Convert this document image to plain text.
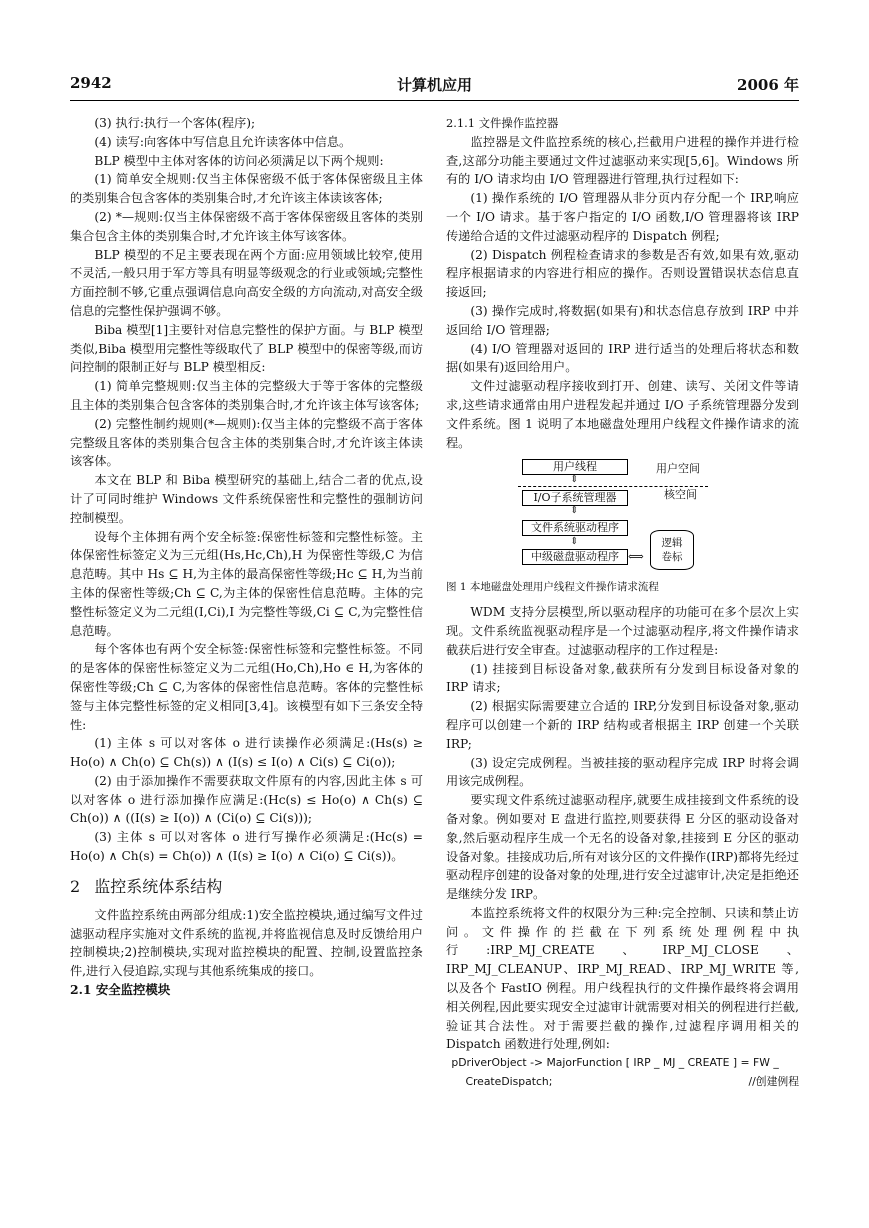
2942	计算机应用	2006 年

(3) 执行:执行一个客体(程序);

(4) 读写:向客体中写信息且允许读客体中信息。

BLP 模型中主体对客体的访问必须满足以下两个规则:

(1) 简单安全规则:仅当主体保密级不低于客体保密级且主体的类别集合包含客体的类别集合时,才允许该主体读该客体;

(2) *—规则:仅当主体保密级不高于客体保密级且客体的类别集合包含主体的类别集合时,才允许该主体写该客体。

BLP 模型的不足主要表现在两个方面:应用领域比较窄,使用不灵活,一般只用于军方等具有明显等级观念的行业或领域;完整性方面控制不够,它重点强调信息向高安全级的方向流动,对高安全级信息的完整性保护强调不够。

Biba 模型[1]主要针对信息完整性的保护方面。与 BLP 模型类似,Biba 模型用完整性等级取代了 BLP 模型中的保密等级,而访问控制的限制正好与 BLP 模型相反:

(1) 简单完整规则:仅当主体的完整级大于等于客体的完整级且主体的类别集合包含客体的类别集合时,才允许该主体写该客体;

(2) 完整性制约规则(*—规则):仅当主体的完整级不高于客体完整级且客体的类别集合包含主体的类别集合时,才允许该主体读该客体。

本文在 BLP 和 Biba 模型研究的基础上,结合二者的优点,设计了可同时维护 Windows 文件系统保密性和完整性的强制访问控制模型。

设每个主体拥有两个安全标签:保密性标签和完整性标签。主体保密性标签定义为三元组(Hs,Hc,Ch),H 为保密性等级,C 为信息范畴。其中 Hs ⊆ H,为主体的最高保密性等级;Hc ⊆ H,为当前主体的保密性等级;Ch ⊆ C,为主体的保密性信息范畴。主体的完整性标签定义为二元组(I,Ci),I 为完整性等级,Ci ⊆ C,为完整性信息范畴。

每个客体也有两个安全标签:保密性标签和完整性标签。不同的是客体的保密性标签定义为二元组(Ho,Ch),Ho ∈ H,为客体的保密性等级;Ch ⊆ C,为客体的保密性信息范畴。客体的完整性标签与主体完整性标签的定义相同[3,4]。该模型有如下三条安全特性:

(1) 主体 s 可以对客体 o 进行读操作必须满足:(Hs(s) ≥ Ho(o) ∧ Ch(o) ⊆ Ch(s)) ∧ (I(s) ≤ I(o) ∧ Ci(s) ⊆ Ci(o));

(2) 由于添加操作不需要获取文件原有的内容,因此主体 s 可以对客体 o 进行添加操作应满足:(Hc(s) ≤ Ho(o) ∧ Ch(s) ⊆ Ch(o)) ∧ ((I(s) ≥ I(o)) ∧ (Ci(o) ⊆ Ci(s)));

(3) 主体 s 可以对客体 o 进行写操作必须满足:(Hc(s) = Ho(o) ∧ Ch(s) = Ch(o)) ∧ (I(s) ≥ I(o) ∧ Ci(o) ⊆ Ci(s))。

2 监控系统体系结构

文件监控系统由两部分组成:1)安全监控模块,通过编写文件过滤驱动程序实施对文件系统的监视,并将监视信息及时反馈给用户控制模块;2)控制模块,实现对监控模块的配置、控制,设置监控条件,进行入侵追踪,实现与其他系统集成的接口。

2.1 安全监控模块

2.1.1 文件操作监控器

监控器是文件监控系统的核心,拦截用户进程的操作并进行检查,这部分功能主要通过文件过滤驱动来实现[5,6]。Windows 所有的 I/O 请求均由 I/O 管理器进行管理,执行过程如下:

(1) 操作系统的 I/O 管理器从非分页内存分配一个 IRP,响应一个 I/O 请求。基于客户指定的 I/O 函数,I/O 管理器将该 IRP 传递给合适的文件过滤驱动程序的 Dispatch 例程;

(2) Dispatch 例程检查请求的参数是否有效,如果有效,驱动程序根据请求的内容进行相应的操作。否则设置错误状态信息直接返回;

(3) 操作完成时,将数据(如果有)和状态信息存放到 IRP 中并返回给 I/O 管理器;

(4) I/O 管理器对返回的 IRP 进行适当的处理后将状态和数据(如果有)返回给用户。

文件过滤驱动程序接收到打开、创建、读写、关闭文件等请求,这些请求通常由用户进程发起并通过 I/O 子系统管理器分发到文件系统。图 1 说明了本地磁盘处理用户线程文件操作请求的流程。

用户线程	用户空间
核空间
⇕
I/O子系统管理器
⇕
文件系统驱动程序
⇕
中级磁盘驱动程序 ⟺
逻辑
卷标

图 1 本地磁盘处理用户线程文件操作请求流程

WDM 支持分层模型,所以驱动程序的功能可在多个层次上实现。文件系统监视驱动程序是一个过滤驱动程序,将文件操作请求截获后进行安全审查。过滤驱动程序的工作过程是:

(1) 挂接到目标设备对象,截获所有分发到目标设备对象的 IRP 请求;

(2) 根据实际需要建立合适的 IRP,分发到目标设备对象,驱动程序可以创建一个新的 IRP 结构或者根据主 IRP 创建一个关联 IRP;

(3) 设定完成例程。当被挂接的驱动程序完成 IRP 时将会调用该完成例程。

要实现文件系统过滤驱动程序,就要生成挂接到文件系统的设备对象。例如要对 E 盘进行监控,则要获得 E 分区的驱动设备对象,然后驱动程序生成一个无名的设备对象,挂接到 E 分区的驱动设备对象。挂接成功后,所有对该分区的文件操作(IRP)都将先经过驱动程序创建的设备对象的处理,进行安全过滤审计,决定是拒绝还是继续分发 IRP。

本监控系统将文件的权限分为三种:完全控制、只读和禁止访问。文件操作的拦截在下列系统处理例程中执行:IRP_MJ_CREATE、IRP_MJ_CLOSE、IRP_MJ_CLEANUP、IRP_MJ_READ、IRP_MJ_WRITE 等,以及各个 FastIO 例程。用户线程执行的文件操作最终将会调用相关例程,因此要实现安全过滤审计就需要对相关的例程进行拦截,验证其合法性。对于需要拦截的操作,过滤程序调用相关的 Dispatch 函数进行处理,例如:

pDriverObject -> MajorFunction [ IRP _ MJ _ CREATE ] = FW _

CreateDispatch;	//创建例程
